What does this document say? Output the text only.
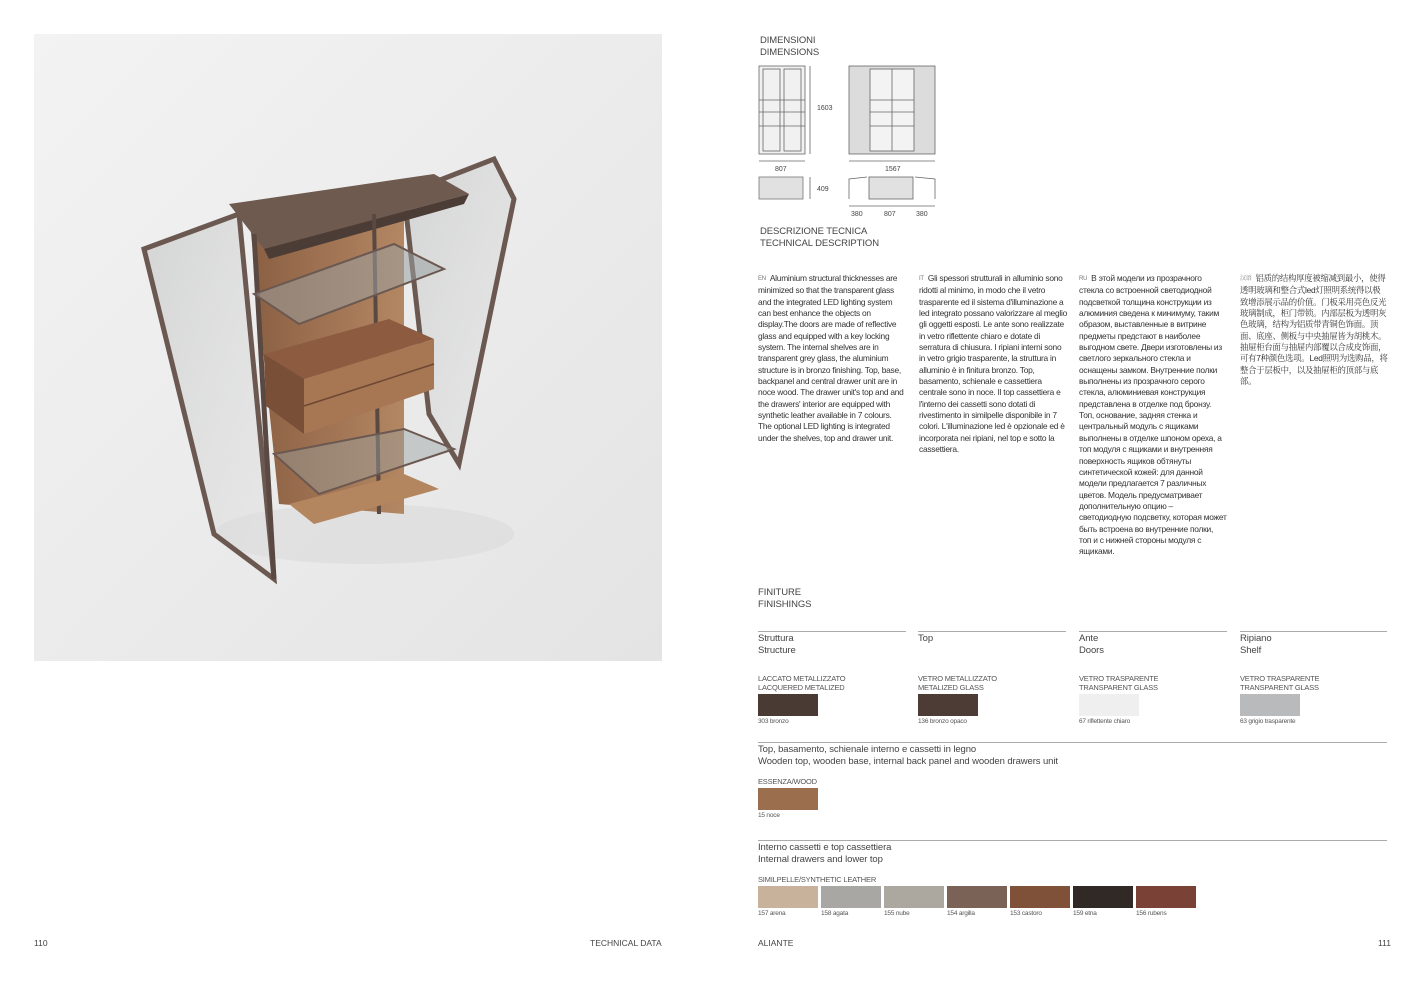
110	TECHNICAL DATA
DIMENSIONI
DIMENSIONS
1603
807
409
1567
380	807	380
DESCRIZIONE TECNICA
TECHNICAL DESCRIPTION
EN Aluminium structural thicknesses are minimized so that the transparent glass and the integrated LED lighting system can best enhance the objects on display.The doors are made of reflective glass and equipped with a key locking system. The internal shelves are in transparent grey glass, the aluminium structure is in bronzo finishing. Top, base, backpanel and central drawer unit are in noce wood. The drawer unit's top and and the drawers' interior are equipped with synthetic leather available in 7 colours. The optional LED lighting is integrated under the shelves, top and drawer unit.
IT Gli spessori strutturali in alluminio sono ridotti al minimo, in modo che il vetro trasparente ed il sistema d'illuminazione a led integrato possano valorizzare al meglio gli oggetti esposti. Le ante sono realizzate in vetro riflettente chiaro e dotate di serratura di chiusura. I ripiani interni sono in vetro grigio trasparente, la struttura in alluminio è in finitura bronzo. Top, basamento, schienale e cassettiera centrale sono in noce. Il top cassettiera e l'interno dei cassetti sono dotati di rivestimento in similpelle disponibile in 7 colori. L'illuminazione led è opzionale ed è incorporata nei ripiani, nel top e sotto la cassettiera.
RU В этой модели из прозрачного стекла со встроенной светодиодной подсветкой толщина конструкции из алюминия сведена к минимуму, таким образом, выставленные в витрине предметы предстают в наиболее выгодном свете. Двери изготовлены из светлого зеркального стекла и оснащены замком. Внутренние полки выполнены из прозрачного серого стекла, алюминиевая конструкция представлена в отделке под бронзу. Топ, основание, задняя стенка и центральный модуль с ящиками выполнены в отделке шпоном ореха, а топ модуля с ящиками и внутренняя поверхность ящиков обтянуты синтетической кожей: для данной модели предлагается 7 различных цветов. Модель предусматривает дополнительную опцию – светодиодную подсветку, которая может быть встроена во внутренние полки, топ и с нижней стороны модуля с ящиками.
汉语 铝质的结构厚度被缩减到最小，使得透明玻璃和整合式led灯照明系统得以极致增添展示品的价值。门板采用亮色反光玻璃制成，柜门带锁。内部层板为透明灰色玻璃，结构为铝质带青铜色饰面。顶面、底座、侧板与中央抽屉皆为胡桃木。抽屉柜台面与抽屉内部覆以合成皮饰面，可有7种颜色选项。Led照明为选购品，将整合于层板中，以及抽屉柜的顶部与底部。
FINITURE
FINISHINGS
Struttura
Structure
LACCATO METALLIZZATO
LACQUERED METALIZED
303 bronzo
Top
VETRO METALLIZZATO
METALIZED GLASS
136 bronzo opaco
Ante
Doors
VETRO TRASPARENTE
TRANSPARENT GLASS
67 riflettente chiaro
Ripiano
Shelf
VETRO TRASPARENTE
TRANSPARENT GLASS
63 grigio trasparente
Top, basamento, schienale interno e cassetti in legno
Wooden top, wooden base, internal back panel and wooden drawers unit
ESSENZA/WOOD
15 noce
Interno cassetti e top cassettiera
Internal drawers and lower top
SIMILPELLE/SYNTHETIC LEATHER
157 arena	158 agata	155 nube	154 argilla	153 castoro	159 etna	156 rubens
ALIANTE	111
